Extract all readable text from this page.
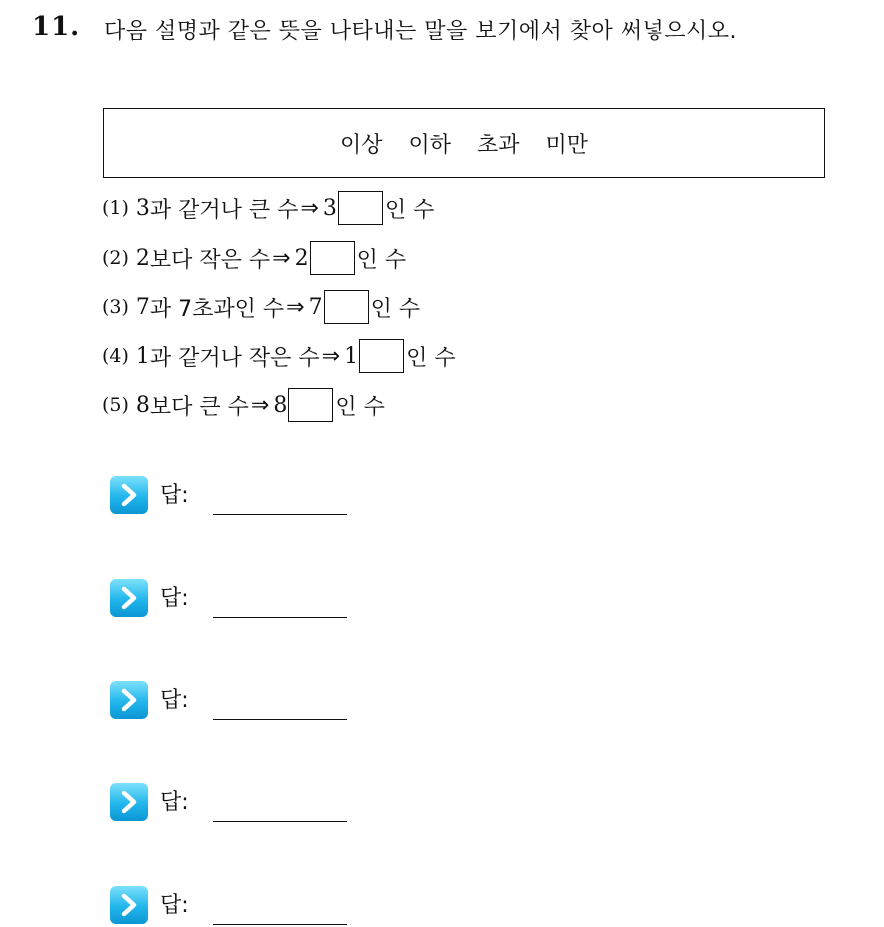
11. 다음 설명과 같은 뜻을 나타내는 말을 보기에서 찾아 써넣으시오.
이상 이하 초과 미만
(1) 3 과 같거나 큰 수 ⇒ 3 인 수
(2) 2 보다 작은 수 ⇒ 2 인 수
(3) 7 과 7초과인 수 ⇒ 7 인 수
(4) 1 과 같거나 작은 수 ⇒ 1 인 수
(5) 8 보다 큰 수 ⇒ 8 인 수
답:
답:
답:
답:
답:
